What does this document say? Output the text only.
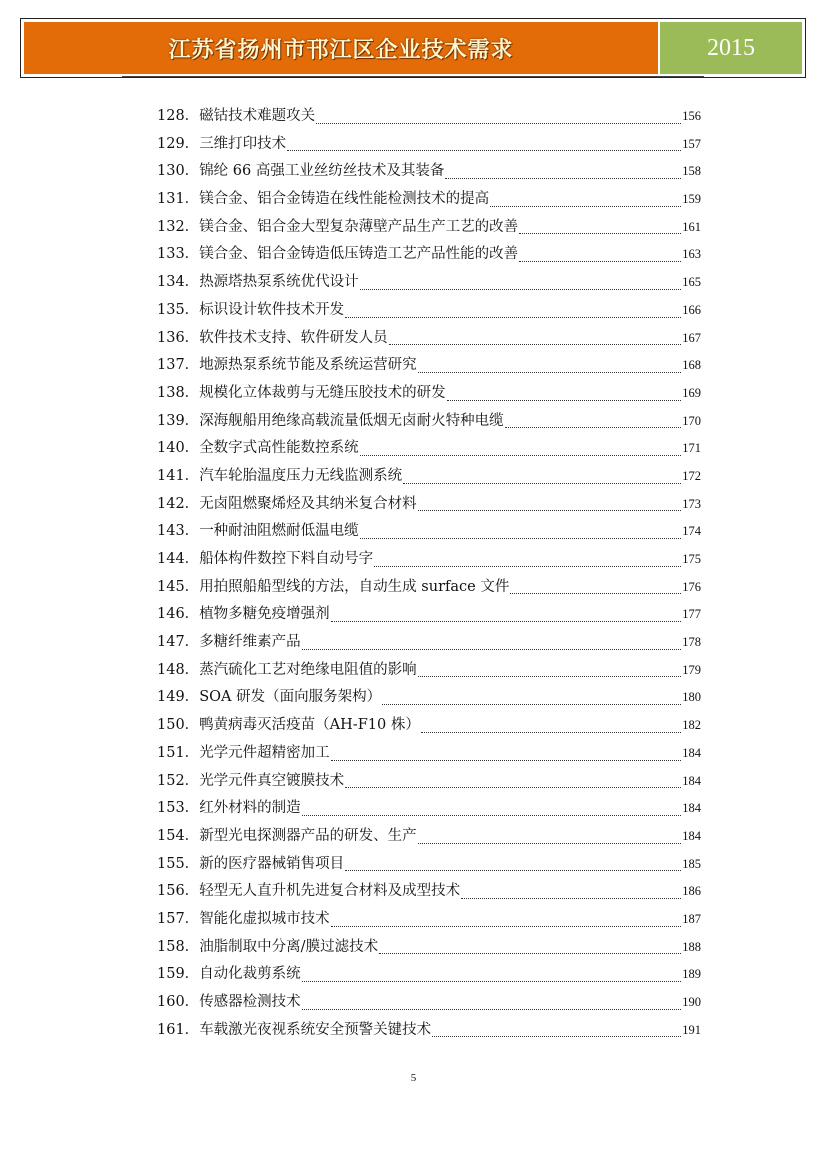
江苏省扬州市邗江区企业技术需求	2015
128． 磁钴技术难题攻关	156
129． 三维打印技术	157
130． 锦纶 66 高强工业丝纺丝技术及其装备	158
131． 镁合金、铝合金铸造在线性能检测技术的提高	159
132． 镁合金、铝合金大型复杂薄壁产品生产工艺的改善	161
133． 镁合金、铝合金铸造低压铸造工艺产品性能的改善	163
134． 热源塔热泵系统优代设计	165
135． 标识设计软件技术开发	166
136． 软件技术支持、软件研发人员	167
137． 地源热泵系统节能及系统运营研究	168
138． 规模化立体裁剪与无缝压胶技术的研发	169
139． 深海舰船用绝缘高载流量低烟无卤耐火特种电缆	170
140． 全数字式高性能数控系统	171
141． 汽车轮胎温度压力无线监测系统	172
142． 无卤阻燃聚烯烃及其纳米复合材料	173
143． 一种耐油阻燃耐低温电缆	174
144． 船体构件数控下料自动号字	175
145． 用拍照船船型线的方法，自动生成 surface 文件	176
146． 植物多糖免疫增强剂	177
147． 多糖纤维素产品	178
148． 蒸汽硫化工艺对绝缘电阻值的影响	179
149． SOA 研发（面向服务架构）	180
150． 鸭黄病毒灭活疫苗（AH-F10 株）	182
151． 光学元件超精密加工	184
152． 光学元件真空镀膜技术	184
153． 红外材料的制造	184
154． 新型光电探测器产品的研发、生产	184
155． 新的医疗器械销售项目	185
156． 轻型无人直升机先进复合材料及成型技术	186
157． 智能化虚拟城市技术	187
158． 油脂制取中分离/膜过滤技术	188
159． 自动化裁剪系统	189
160． 传感器检测技术	190
161． 车载激光夜视系统安全预警关键技术	191
5
